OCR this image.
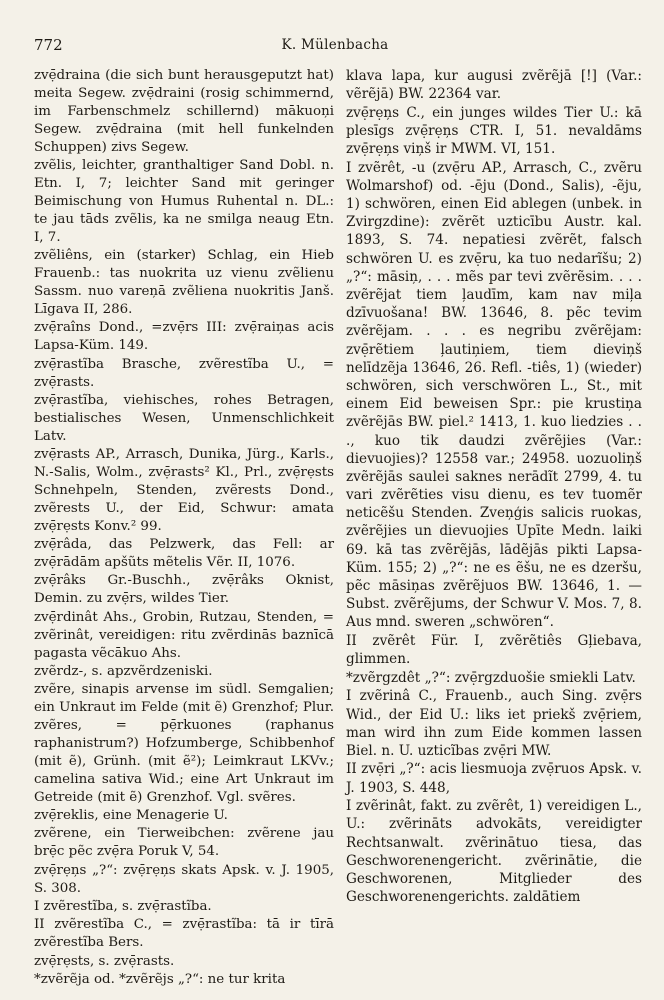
772	K. Mülenbacha

zvẹ̄draina (die sich bunt herausgeputzt hat) meita Segew. zvẹ̄draini (rosig schimmernd, im Farbenschmelz schillernd) mākuoņi Segew. zvẹ̄draina (mit hell funkelnden Schuppen) zivs Segew.

zvẽlis, leichter, granthaltiger Sand Dobl. n. Etn. I, 7; leichter Sand mit geringer Beimischung von Humus Ruhental n. DL.: te jau tāds zvẽlis, ka ne smilga neaug Etn. I, 7.

zvẽliêns, ein (starker) Schlag, ein Hieb Frauenb.: tas nuokrita uz vienu zvẽlienu Sassm. nuo vareņā zvẽliena nuokritis Janš. Līgava II, 286.

zvẹ̄raîns Dond., =zvẹ̄rs III: zvẹ̄raiņas acis Lapsa-Küm. 149.

zvẹ̄rastĩba Brasche, zvẽrestĩba U., = zvẹ̄rasts.

zvẹ̄rastĩba, viehisches, rohes Betragen, bestialisches Wesen, Unmenschlichkeit Latv.

zvẹ̄rasts AP., Arrasch, Dunika, Jürg., Karls., N.-Salis, Wolm., zvẹ̄rasts² Kl., Prl., zvẹ̄rẹsts Schnehpeln, Stenden, zvẽrests Dond., zvẽrests U., der Eid, Schwur: amata zvẹ̄rẹsts Konv.² 99.

zvẹ̄râda, das Pelzwerk, das Fell: ar zvẹ̄rādām apšũts mẽtelis Vẽr. II, 1076.

zvẹ̄râks Gr.-Buschh., zvẹ̄râks Oknist, Demin. zu zvẹ̄rs, wildes Tier.

zvẹ̄rdinât Ahs., Grobin, Rutzau, Stenden, = zvẽrinât, vereidigen: ritu zvẽrdinās baznīcā pagasta vẽcākuo Ahs.

zvẽrdz-, s. apzvẽrdzeniski.

zvẽre, sinapis arvense im südl. Semgalien; ein Unkraut im Felde (mit ẽ) Grenzhof; Plur. zvẽres, = pẹ̄rkuones (raphanus raphanistrum?) Hofzumberge, Schibbenhof (mit ẽ), Grünh. (mit ẽ²); Leimkraut LKVv.; camelina sativa Wid.; eine Art Unkraut im Getreide (mit ẽ) Grenzhof. Vgl. svẽres.

zvẹ̄reklis, eine Menagerie U.

zvẽrene, ein Tierweibchen: zvẽrene jau brẹ̄c pẽc zvẹ̄ra Poruk V, 54.

zvẹ̄rẹņs „?“: zvẹ̄rẹņs skats Apsk. v. J. 1905, S. 308.

I zvẽrestĩba, s. zvẹ̄rastĩba.

II zvẽrestĩba C., = zvẹ̄rastĩba: tā ir tīrā zvẽrestĩba Bers.

zvẹ̄rẹsts, s. zvẹ̄rasts.

*zvẽrẽja od. *zvẽrẽjs „?“: ne tur krita

klava lapa, kur augusi zvẽrẽjā [!] (Var.: vẽrẽjā) BW. 22364 var.

zvẹ̄rẹņs C., ein junges wildes Tier U.: kā plesīgs zvẹ̄rẹņs CTR. I, 51. nevaldāms zvẹ̄rẹņs viņš ir MWM. VI, 151.

I zvẽrêt, -u (zvẹ̄ru AP., Arrasch, C., zvẽru Wolmarshof) od. -ēju (Dond., Salis), -ẽju, 1) schwören, einen Eid ablegen (unbek. in Zvirgzdine): zvẽrẽt uzticību Austr. kal. 1893, S. 74. nepatiesi zvẽrẽt, falsch schwören U. es zvẹ̄ru, ka tuo nedarĩšu; 2) „?“: māsiņ, . . . mẽs par tevi zvẽrẽsim. . . . zvẽrẽjat tiem ļaudīm, kam nav miļa dzīvuošana! BW. 13646, 8. pẽc tevim zvẽrẽjam. . . . es negribu zvẽrẽjam: zvẹ̄rẽtiem ļautiņiem, tiem dieviņš nelīdzẽja 13646, 26. Refl. -tiês, 1) (wieder) schwören, sich verschwören L., St., mit einem Eid beweisen Spr.: pie krustiņa zvẽrẽjās BW. piel.² 1413, 1. kuo liedzies . . ., kuo tik daudzi zvẽrẽjies (Var.: dievuojies)? 12558 var.; 24958. uozuoliņš zvẽrẽjās saulei saknes nerādĩt 2799, 4. tu vari zvẽrẽties visu dienu, es tev tuomẽr neticẽšu Stenden. Zveņģis salicis ruokas, zvẽrẽjies un dievuojies Upīte Medn. laiki 69. kā tas zvẽrẽjās, lādẽjās pikti Lapsa-Küm. 155; 2) „?“: ne es ẽšu, ne es dzeršu, pẽc māsiņas zvẽrẽjuos BW. 13646, 1. — Subst. zvẽrẽjums, der Schwur V. Mos. 7, 8. Aus mnd. sweren „schwören“.

II zvẽrêt Für. I, zvẽrẽtiês Gļiebava, glimmen.

*zvẽrgzdêt „?“: zvẹ̄rgzduošie smiekli Latv.

I zvẽrinâ C., Frauenb., auch Sing. zvẹ̄rs Wid., der Eid U.: liks iet priekš zvẹ̄riem, man wird ihn zum Eide kommen lassen Biel. n. U. uzticĩbas zvẹ̄ri MW.

II zvẹ̄ri „?“: acis liesmuoja zvẹ̄ruos Apsk. v. J. 1903, S. 448,

I zvẽrinât, fakt. zu zvẽrêt, 1) vereidigen L., U.: zvẽrināts advokāts, vereidigter Rechtsanwalt. zvẽrinātuo tiesa, das Geschworenengericht. zvẽrinātie, die Geschworenen, Mitglieder des Geschworenengerichts. zaldātiem
